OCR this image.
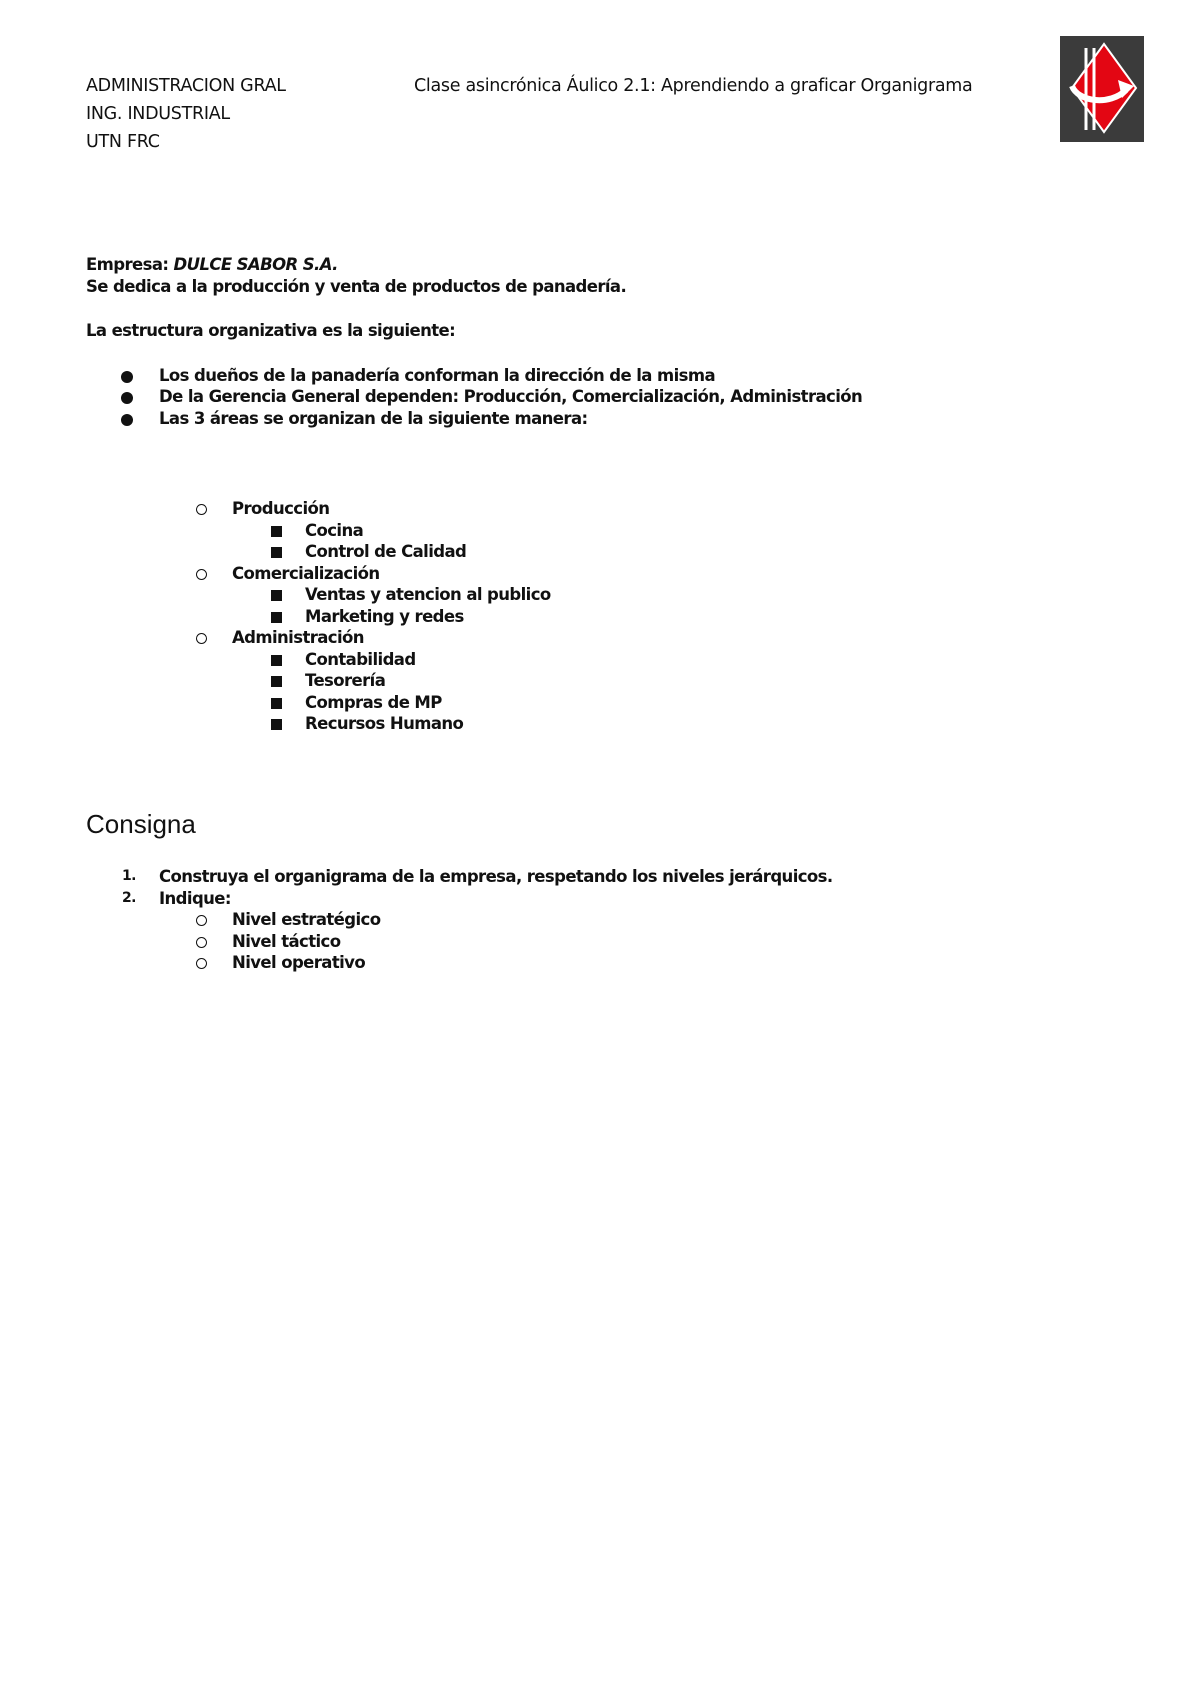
ADMINISTRACION GRAL
ING. INDUSTRIAL
UTN FRC
Clase asincrónica Áulico 2.1: Aprendiendo a graficar Organigrama
Empresa: DULCE SABOR S.A.
Se dedica a la producción y venta de productos de panadería.
La estructura organizativa es la siguiente:
Los dueños de la panadería conforman la dirección de la misma
De la Gerencia General dependen: Producción, Comercialización, Administración
Las 3 áreas se organizan de la siguiente manera:
Producción
Cocina
Control de Calidad
Comercialización
Ventas y atencion al publico
Marketing y redes
Administración
Contabilidad
Tesorería
Compras de MP
Recursos Humano
Consigna
1. Construya el organigrama de la empresa, respetando los niveles jerárquicos.
2. Indique:
Nivel estratégico
Nivel táctico
Nivel operativo
